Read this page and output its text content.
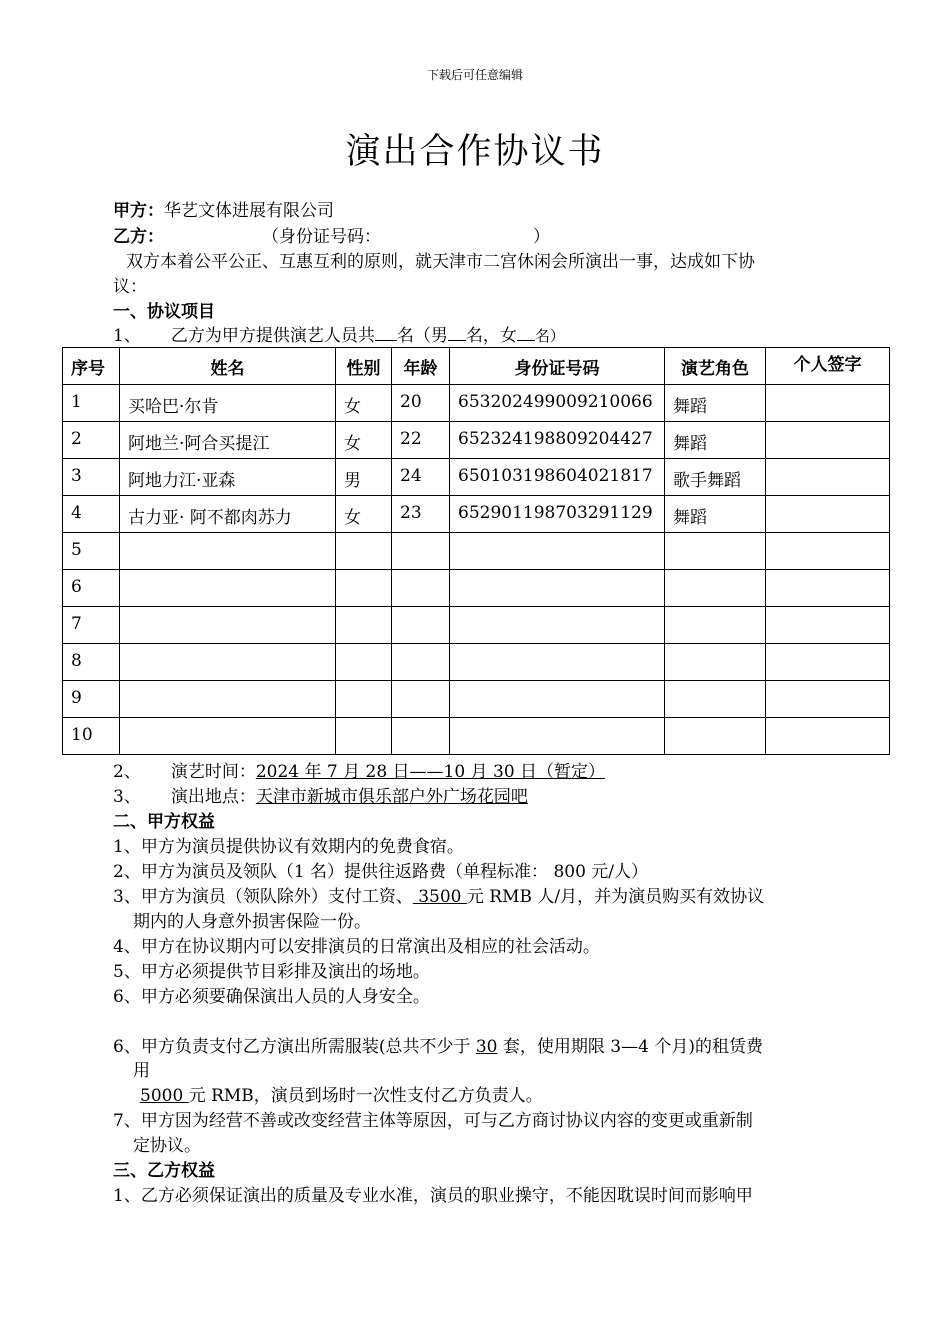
下载后可任意编辑
演出合作协议书
甲方：华艺文体进展有限公司
乙方：	（身份证号码：	）
双方本着公平公正、互惠互利的原则，就天津市二宫休闲会所演出一事，达成如下协
议：
一、协议项目
1、 乙方为甲方提供演艺人员共 名（男 名，女 名）
序号	姓名	性别	年龄	身份证号码	演艺角色	个人签字
1	买哈巴·尔肯	女	20	653202499009210066	舞蹈	
2	阿地兰·阿合买提江	女	22	652324198809204427	舞蹈	
3	阿地力江·亚森	男	24	650103198604021817	歌手舞蹈	
4	古力亚· 阿不都肉苏力	女	23	652901198703291129	舞蹈	
5						
6						
7						
8						
9						
10						
2、 演艺时间：2024 年 7 月 28 日——10 月 30 日（暂定）
3、 演出地点：天津市新城市俱乐部户外广场花园吧
二、甲方权益
1、甲方为演员提供协议有效期内的免费食宿。
2、甲方为演员及领队（1 名）提供往返路费（单程标准： 800 元/人）
3、甲方为演员（领队除外）支付工资、 3500 元 RMB 人/月，并为演员购买有效协议
期内的人身意外损害保险一份。
4、甲方在协议期内可以安排演员的日常演出及相应的社会活动。
5、甲方必须提供节目彩排及演出的场地。
6、甲方必须要确保演出人员的人身安全。
6、甲方负责支付乙方演出所需服装(总共不少于 30 套，使用期限 3—4 个月)的租赁费
用
5000 元 RMB，演员到场时一次性支付乙方负责人。
7、甲方因为经营不善或改变经营主体等原因，可与乙方商讨协议内容的变更或重新制
定协议。
三、乙方权益
1、乙方必须保证演出的质量及专业水准，演员的职业操守，不能因耽误时间而影响甲
